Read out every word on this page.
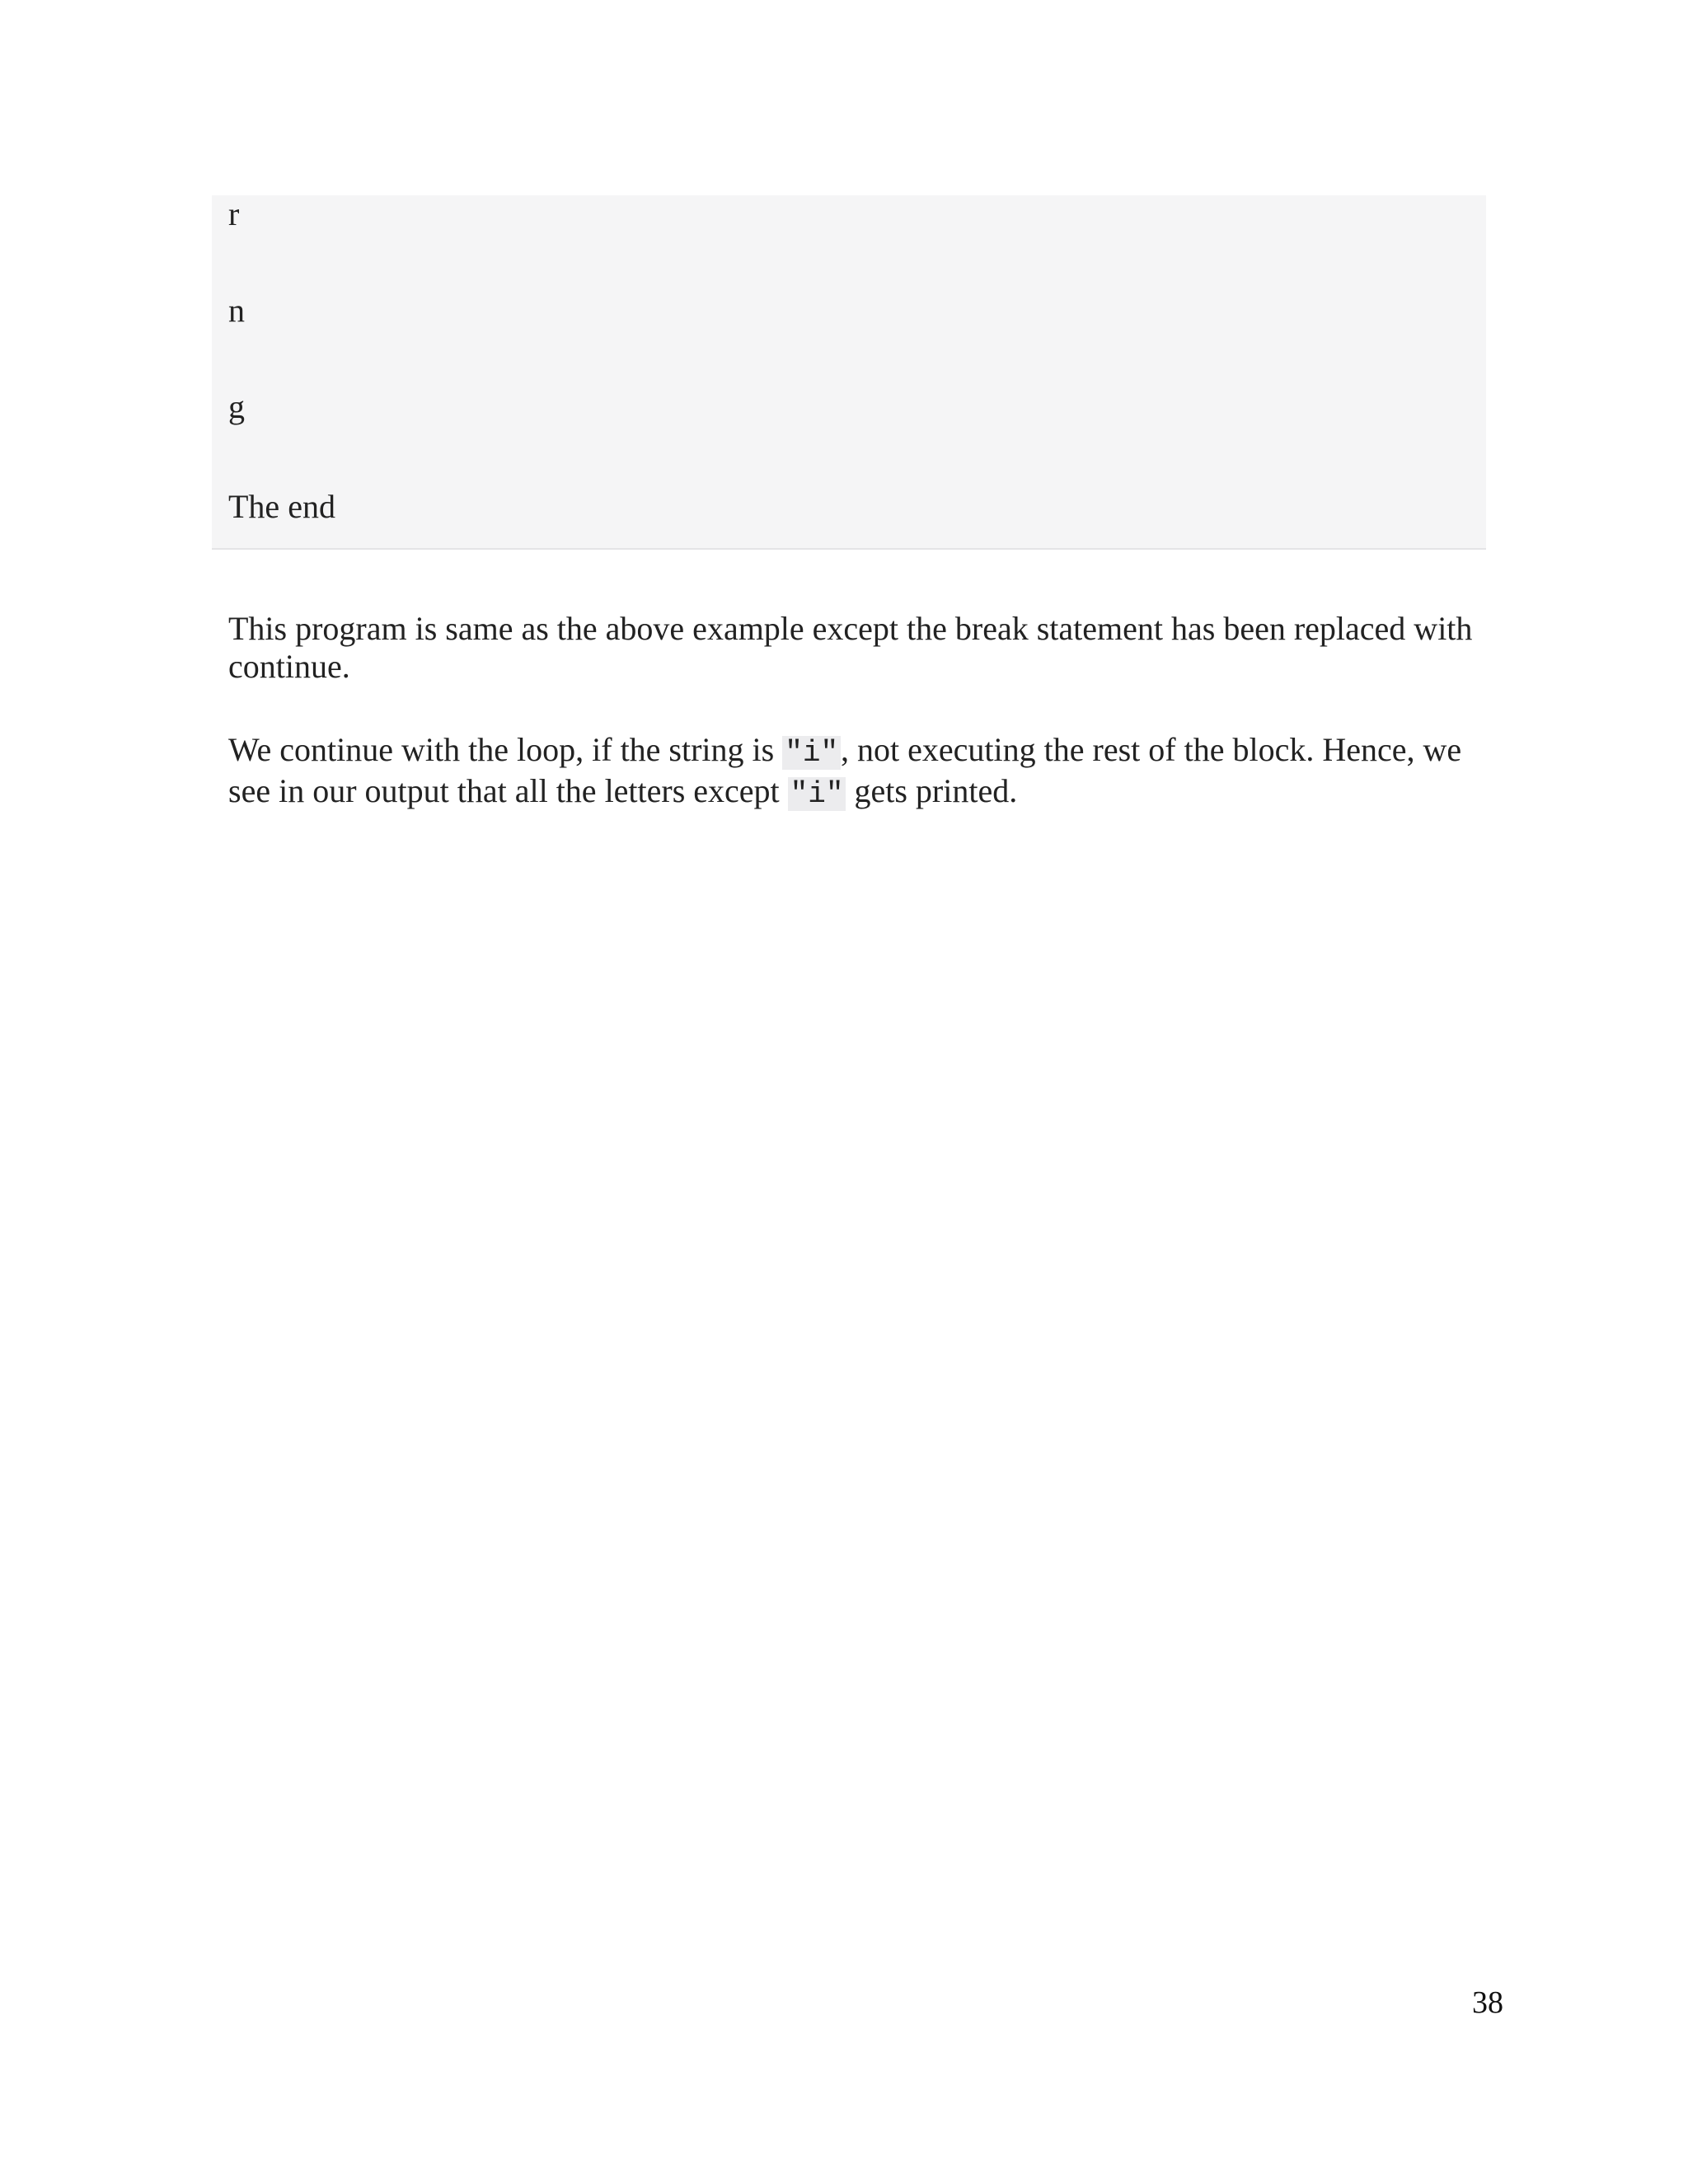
r
n
g
The end

This program is same as the above example except the break statement has been replaced with continue.

We continue with the loop, if the string is "i", not executing the rest of the block. Hence, we see in our output that all the letters except "i" gets printed.

38
